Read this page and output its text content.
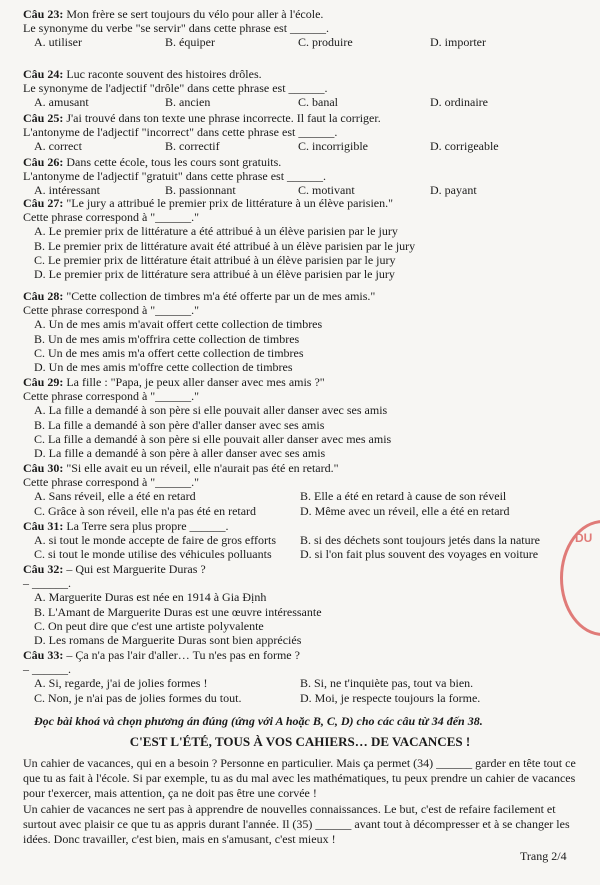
Câu 23: Mon frère se sert toujours du vélo pour aller à l'école.
Le synonyme du verbe "se servir" dans cette phrase est ______.
A. utiliser	B. équiper	C. produire	D. importer
Câu 24: Luc raconte souvent des histoires drôles.
Le synonyme de l'adjectif "drôle" dans cette phrase est ______.
A. amusant	B. ancien	C. banal	D. ordinaire
Câu 25: J'ai trouvé dans ton texte une phrase incorrecte. Il faut la corriger.
L'antonyme de l'adjectif "incorrect" dans cette phrase est ______.
A. correct	B. correctif	C. incorrigible	D. corrigeable
Câu 26: Dans cette école, tous les cours sont gratuits.
L'antonyme de l'adjectif "gratuit" dans cette phrase est ______.
A. intéressant	B. passionnant	C. motivant	D. payant
Câu 27: "Le jury a attribué le premier prix de littérature à un élève parisien."
Cette phrase correspond à "______."
A. Le premier prix de littérature a été attribué à un élève parisien par le jury
B. Le premier prix de littérature avait été attribué à un élève parisien par le jury
C. Le premier prix de littérature était attribué à un élève parisien par le jury
D. Le premier prix de littérature sera attribué à un élève parisien par le jury
Câu 28: "Cette collection de timbres m'a été offerte par un de mes amis."
Cette phrase correspond à "______."
A. Un de mes amis m'avait offert cette collection de timbres
B. Un de mes amis m'offrira cette collection de timbres
C. Un de mes amis m'a offert cette collection de timbres
D. Un de mes amis m'offre cette collection de timbres
Câu 29: La fille : "Papa, je peux aller danser avec mes amis ?"
Cette phrase correspond à "______."
A. La fille a demandé à son père si elle pouvait aller danser avec ses amis
B. La fille a demandé à son père d'aller danser avec ses amis
C. La fille a demandé à son père si elle pouvait aller danser avec mes amis
D. La fille a demandé à son père à aller danser avec ses amis
Câu 30: "Si elle avait eu un réveil, elle n'aurait pas été en retard."
Cette phrase correspond à "______."
A. Sans réveil, elle a été en retard	B. Elle a été en retard à cause de son réveil
C. Grâce à son réveil, elle n'a pas été en retard	D. Même avec un réveil, elle a été en retard
Câu 31: La Terre sera plus propre ______.
A. si tout le monde accepte de faire de gros efforts B. si des déchets sont toujours jetés dans la nature
C. si tout le monde utilise des véhicules polluants D. si l'on fait plus souvent des voyages en voiture
Câu 32: – Qui est Marguerite Duras ?
– ______.
A. Marguerite Duras est née en 1914 à Gia Định
B. L'Amant de Marguerite Duras est une œuvre intéressante
C. On peut dire que c'est une artiste polyvalente
D. Les romans de Marguerite Duras sont bien appréciés
Câu 33: – Ça n'a pas l'air d'aller… Tu n'es pas en forme ?
– ______.
A. Si, regarde, j'ai de jolies formes !	B. Si, ne t'inquiète pas, tout va bien.
C. Non, je n'ai pas de jolies formes du tout.	D. Moi, je respecte toujours la forme.
Đọc bài khoá và chọn phương án đúng (ứng với A hoặc B, C, D) cho các câu từ 34 đến 38.
C'EST L'ÉTÉ, TOUS À VOS CAHIERS… DE VACANCES !
Un cahier de vacances, qui en a besoin ? Personne en particulier. Mais ça permet (34) ______ garder en tête tout ce que tu as fait à l'école. Si par exemple, tu as du mal avec les mathématiques, tu peux prendre un cahier de vacances pour t'exercer, mais attention, ça ne doit pas être une corvée !
Un cahier de vacances ne sert pas à apprendre de nouvelles connaissances. Le but, c'est de refaire facilement et surtout avec plaisir ce que tu as appris durant l'année. Il (35) ______ avant tout à décompresser et à se changer les idées. Donc travailler, c'est bien, mais en s'amusant, c'est mieux !
Trang 2/4
DU
